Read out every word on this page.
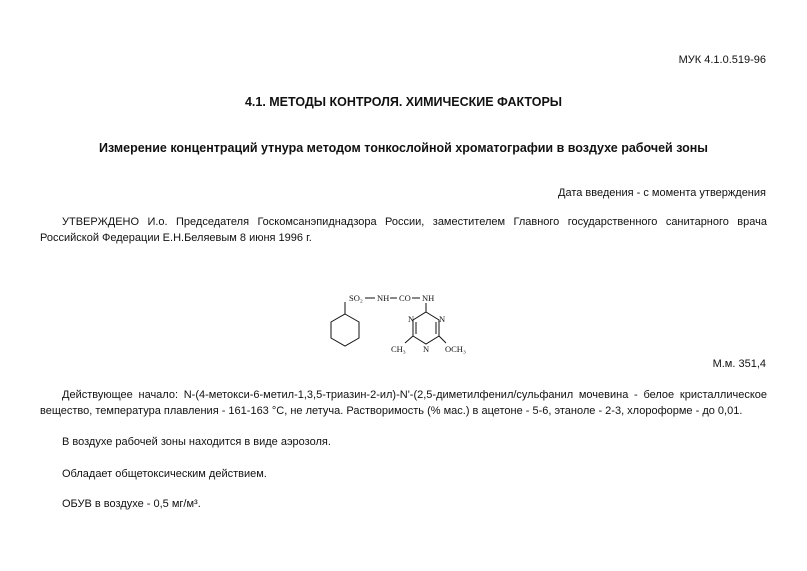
МУК 4.1.0.519-96
4.1. МЕТОДЫ КОНТРОЛЯ. ХИМИЧЕСКИЕ ФАКТОРЫ
Измерение концентраций утнура методом тонкослойной хроматографии в воздухе рабочей зоны
Дата введения - с момента утверждения
УТВЕРЖДЕНО И.о. Председателя Госкомсанэпиднадзора России, заместителем Главного государственного санитарного врача Российской Федерации Е.Н.Беляевым 8 июня 1996 г.
SO₂ NH CO NH
N	N
N
CH₃	OCH₃
М.м. 351,4
Действующее начало: N-(4-метокси-6-метил-1,3,5-триазин-2-ил)-N'-(2,5-диметилфенил/сульфанил мочевина - белое кристаллическое вещество, температура плавления - 161-163 °С, не летуча. Растворимость (% мас.) в ацетоне - 5-6, этаноле - 2-3, хлороформе - до 0,01.
В воздухе рабочей зоны находится в виде аэрозоля.
Обладает общетоксическим действием.
ОБУВ в воздухе - 0,5 мг/м³.
